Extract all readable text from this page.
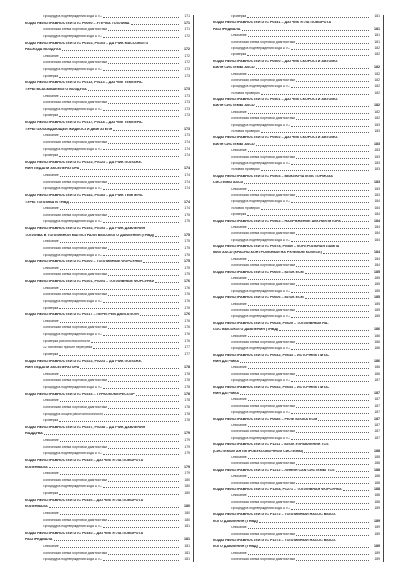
Процедура подтверждения кода DTC	171
КОДЫ НЕИСПРАВНОСТЕЙ DTC P0090 – УТЕЧКА ТОПЛИВА	171
Логическая схема бортовой диагностики	171
Процедура подтверждения кода DTC	172
КОДЫ НЕИСПРАВНОСТЕЙ DTC P0102, P0103 – ДАТЧИК МАССОВОГО
РАСХОДА ВОЗДУХА	172
Описание	172
Логическая схема бортовой диагностики	172
Процедура подтверждения кода DTC	173
Проверка	173
КОДЫ НЕИСПРАВНОСТЕЙ DTC P0112, P0113 – ДАТЧИК ТЕМПЕРА-
ТУРЫ ВСАСЫВАЕМОГО ВОЗДУХА	173
Описание	173
Логическая схема бортовой диагностики	173
Процедура подтверждения кода DTC	173
Проверка	173
КОДЫ НЕИСПРАВНОСТЕЙ DTC P0117, P0118 – ДАТЧИК ТЕМПЕРА-
ТУРЫ ОХЛАЖДАЮЩЕЙ ЖИДКОСТИ ДВИГАТЕЛЯ	173
Описание	173
Логическая схема бортовой диагностики	174
Процедура подтверждения кода DTC	174
Проверка	174
КОДЫ НЕИСПРАВНОСТЕЙ DTC P0122, P0123 – ДАТЧИК ПОЛОЖЕ-
НИЯ ПЕДАЛИ АКСЕЛЕРАТОРА	174
Описание	174
Логическая схема бортовой диагностики	174
Процедура подтверждения кода DTC	174
КОДЫ НЕИСПРАВНОСТЕЙ DTC P0182, P0183 – ДАТЧИК ТЕМПЕРА-
ТУРЫ ТОПЛИВА В ТНВД	174
Описание	174
Логическая схема бортовой диагностики	175
Процедура подтверждения кода DTC	175
КОДЫ НЕИСПРАВНОСТЕЙ DTC P0192, P0193 – ДАТЧИК ДАВЛЕНИЯ
ТОПЛИВА В ТОПЛИВНОЙ МАГИСТРАЛИ ВЫСОКОГО ДАВЛЕНИЯ (ТНВД)	175
Описание	175
Логическая схема бортовой диагностики	175
Процедура подтверждения кода DTC	175
КОДЫ НЕИСПРАВНОСТЕЙ DTC P0200 – ТОПЛИВНЫЕ ФОРСУНКИ	175
Описание	175
Логическая схема бортовой диагностики	175
КОДЫ НЕИСПРАВНОСТЕЙ DTC P0201, P0204 – ТОПЛИВНЫЕ ФОРСУНКИ	176
Описание	176
Логическая схема бортовой диагностики	176
Процедура подтверждения кода DTC	176
Проверка	176
КОДЫ НЕИСПРАВНОСТЕЙ DTC P0217 – ПЕРЕГРЕВ ДВИГАТЕЛЯ	176
Описание	176
Логическая схема бортовой диагностики	176
Процедура подтверждения кода DTC	176
Проверка работоспособности	176
12 основных причин перегрева	177
Проверка	177
КОДЫ НЕИСПРАВНОСТЕЙ DTC P0222, P0223 – ДАТЧИК ПОЛОЖЕ-
НИЯ ПЕДАЛИ АКСЕЛЕРАТОРА	178
Описание	178
Логическая схема бортовой диагностики	178
Процедура подтверждения кода DTC	178
КОДЫ НЕИСПРАВНОСТЕЙ DTC P0234 – ТУРБОКОМПРЕССОР	178
Описание	178
Логическая схема бортовой диагностики	178
Процедура общей работоспособности	178
Проверка	178
КОДЫ НЕИСПРАВНОСТЕЙ DTC P0237, P0238 – ДАТЧИК ДАВЛЕНИЯ
НАДДУВА	179
Описание	179
Логическая схема бортовой диагностики	179
Процедура подтверждения кода DTC	179
КОДЫ НЕИСПРАВНОСТЕЙ DTC P0335 – ДАТЧИК УГЛА ПОВОРОТА
КОЛЕНВАЛА	179
Описание	179
Логическая схема бортовой диагностики	180
Процедура подтверждения кода DTC	180
Проверка	180
КОДЫ НЕИСПРАВНОСТЕЙ DTC P0336 – ДАТЧИК УГЛА ПОВОРОТА
КОЛЕНВАЛА	180
Описание	180
Логическая схема бортовой диагностики	180
Процедура подтверждения кода DTC	181
КОДЫ НЕИСПРАВНОСТЕЙ DTC P0340 – ДАТЧИК УГЛА ПОВОРОТА
РАСПРЕДВАЛА	181
Описание	181
Логическая схема бортовой диагностики	181
Процедура подтверждения кода DTC	181
Проверка	181
КОДЫ НЕИСПРАВНОСТЕЙ DTC P0341 – ДАТЧИК УГЛА ПОВОРОТА
РАСПРЕДВАЛА	181
Описание	181
Логическая схема бортовой диагностики	181
Процедура подтверждения кода DTC	182
Проверка	182
КОДЫ НЕИСПРАВНОСТЕЙ DTC P0500 – ДАТЧИК СКОРОСТИ АВТОМО-
БИЛЯ СИСТЕМЫ ASCD	182
Описание	182
Логическая схема бортовой диагностики	182
Процедура подтверждения кода DTC	182
Условия проверки	182
КОДЫ НЕИСПРАВНОСТЕЙ DTC P0501 – ДАТЧИК СКОРОСТИ АВТОМО-
БИЛЯ СИСТЕМЫ ASCD	182
Описание	182
Логическая схема бортовой диагностики	182
Процедура подтверждения кода DTC	183
Условия проверки	183
КОДЫ НЕИСПРАВНОСТЕЙ DTC P0502 – ДАТЧИК СКОРОСТИ АВТОМО-
БИЛЯ СИСТЕМЫ ASCD	183
Описание	183
Логическая схема бортовой диагностики	183
Процедура подтверждения кода DTC	183
Условия проверки	183
КОДЫ НЕИСПРАВНОСТЕЙ DTC P0504 – ВЫКЛЮЧАТЕЛЬ ТОРМОЗА
СИСТЕМЫ ASCD	183
Описание	183
Логическая схема бортовой диагностики	183
Процедура подтверждения кода DTC	184
Условия проверки	184
Проверка	184
КОДЫ НЕИСПРАВНОСТЕЙ DTC P0563 – НАПРЯЖЕНИЕ АККУМУЛЯТОРА	184
Описание	184
Логическая схема бортовой диагностики	184
Процедура подтверждения кода DTC	184
КОДЫ НЕИСПРАВНОСТЕЙ DTC P0578, P0580 – КОНТРОЛЬНАЯ ЛАМПА
МИЛ ASCD (КРАСНО-КОНТРОЛЬНЫЙ НА РУЛЕВОМ КОЛЕСЕ)	184
Описание	184
Логическая схема бортовой диагностики	184
КОДЫ НЕИСПРАВНОСТЕЙ DTC P0605 – БЛОК ECM	185
Описание	185
Логическая схема бортовой диагностики	185
Процедура подтверждения кода DTC	185
КОДЫ НЕИСПРАВНОСТЕЙ DTC P0606 – БЛОК ECM	185
Описание	185
Логическая схема бортовой диагностики	185
Процедура подтверждения кода DTC	185
КОДЫ НЕИСПРАВНОСТЕЙ DTC P0628, P0629 – ТОПЛИВНЫЙ НА-
СОС ВЫСОКОГО ДАВЛЕНИЯ (ТНВД)	186
Описание	186
Логическая схема бортовой диагностики	186
Процедура подтверждения кода DTC	186
КОДЫ НЕИСПРАВНОСТЕЙ DTC P0642, P0643 – ИСТОЧНИК ПИТА-
НИЯ ДАТЧИКА	186
Описание	186
Логическая схема бортовой диагностики	186
Процедура подтверждения кода DTC	187
КОДЫ НЕИСПРАВНОСТЕЙ DTC P0652, P0653 – ИСТОЧНИК ПИТА-
НИЯ ДАТЧИКА	187
Описание	187
Логическая схема бортовой диагностики	187
Процедура подтверждения кода DTC	187
КОДЫ НЕИСПРАВНОСТЕЙ DTC P0686 – РЕЛЕ БЛОКА ECM	187
Описание	187
Логическая схема бортовой диагностики	187
Процедура подтверждения кода DTC	187
КОДЫ НЕИСПРАВНОСТЕЙ DTC P1211 – БЛОК УПРАВЛЕНИЯ TCS
(СИСТЕМОЙ АНТИПРОБУКСОВОЧНОЙ СИСТЕМЫ)	188
Описание	188
Логическая схема бортовой диагностики	188
КОДЫ НЕИСПРАВНОСТЕЙ DTC P1212 – ЛИНИЯ CAN СИСТЕМЫ TCS	188
Описание	188
Логическая схема бортовой диагностики	188
КОДЫ НЕИСПРАВНОСТЕЙ DTC P1268, P1271 – ТОПЛИВНАЯ ФОРСУНКА	188
Описание	188
Логическая схема бортовой диагностики	188
Процедура подтверждения кода DTC	189
КОДЫ НЕИСПРАВНОСТЕЙ DTC P1272 – ТОПЛИВНЫЙ НАСОС ВЫСО-
КОГО ДАВЛЕНИЯ (ТНВД)	189
Описание	189
Логическая схема бортовой диагностики	189
КОДЫ НЕИСПРАВНОСТЕЙ DTC P1273 – ТОПЛИВНЫЙ НАСОС ВЫСО-
КОГО ДАВЛЕНИЯ (ТНВД)	189
Описание	189
Логическая схема бортовой диагностики	189
